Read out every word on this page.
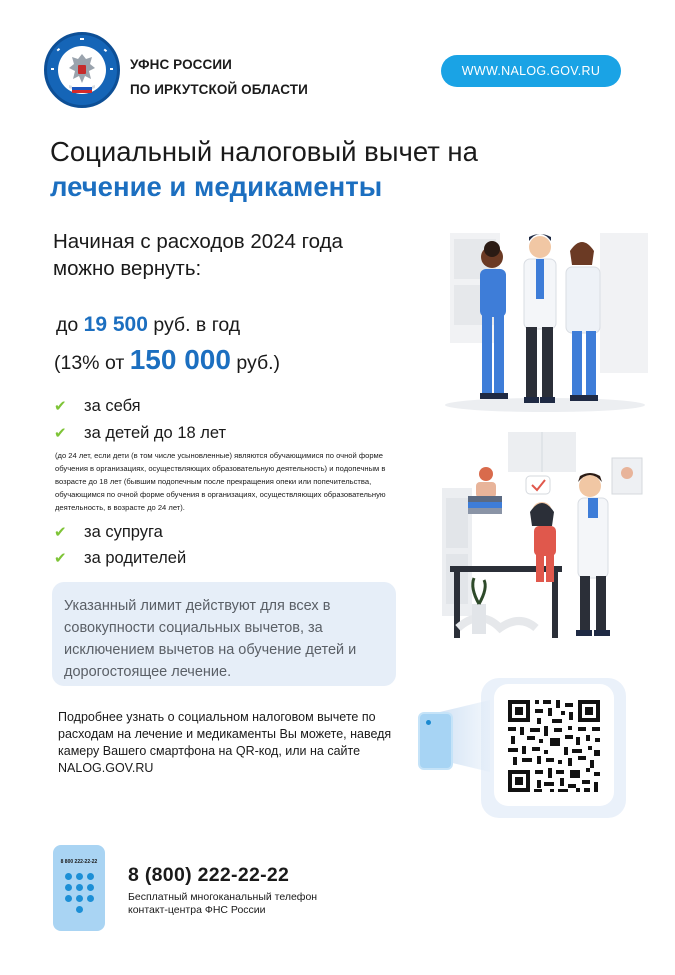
УФНС РОССИИ
ПО ИРКУТСКОЙ ОБЛАСТИ
WWW.NALOG.GOV.RU
Социальный налоговый вычет на
лечение и медикаменты
Начиная с расходов 2024 года
можно вернуть:
до 19 500 руб. в год
(13% от 150 000 руб.)
✔ за себя
✔ за детей до 18 лет
(до 24 лет, если дети (в том числе усыновленные) являются обучающимися по очной форме обучения в организациях, осуществляющих образовательную деятельность) и подопечным в возрасте до 18 лет (бывшим подопечным после прекращения опеки или попечительства, обучающимся по очной форме обучения в организациях, осуществляющих образовательную деятельность, в возрасте до 24 лет).
✔ за супруга
✔ за родителей
Указанный лимит действуют для всех в совокупности социальных вычетов, за исключением вычетов на обучение детей и дорогостоящее лечение.
Подробнее узнать о социальном налоговом вычете по расходам на лечение и медикаменты Вы можете, наведя камеру Вашего смартфона на QR-код, или на сайте NALOG.GOV.RU
8 800 222-22-22
8 (800) 222-22-22
Бесплатный многоканальный телефон
контакт-центра ФНС России
